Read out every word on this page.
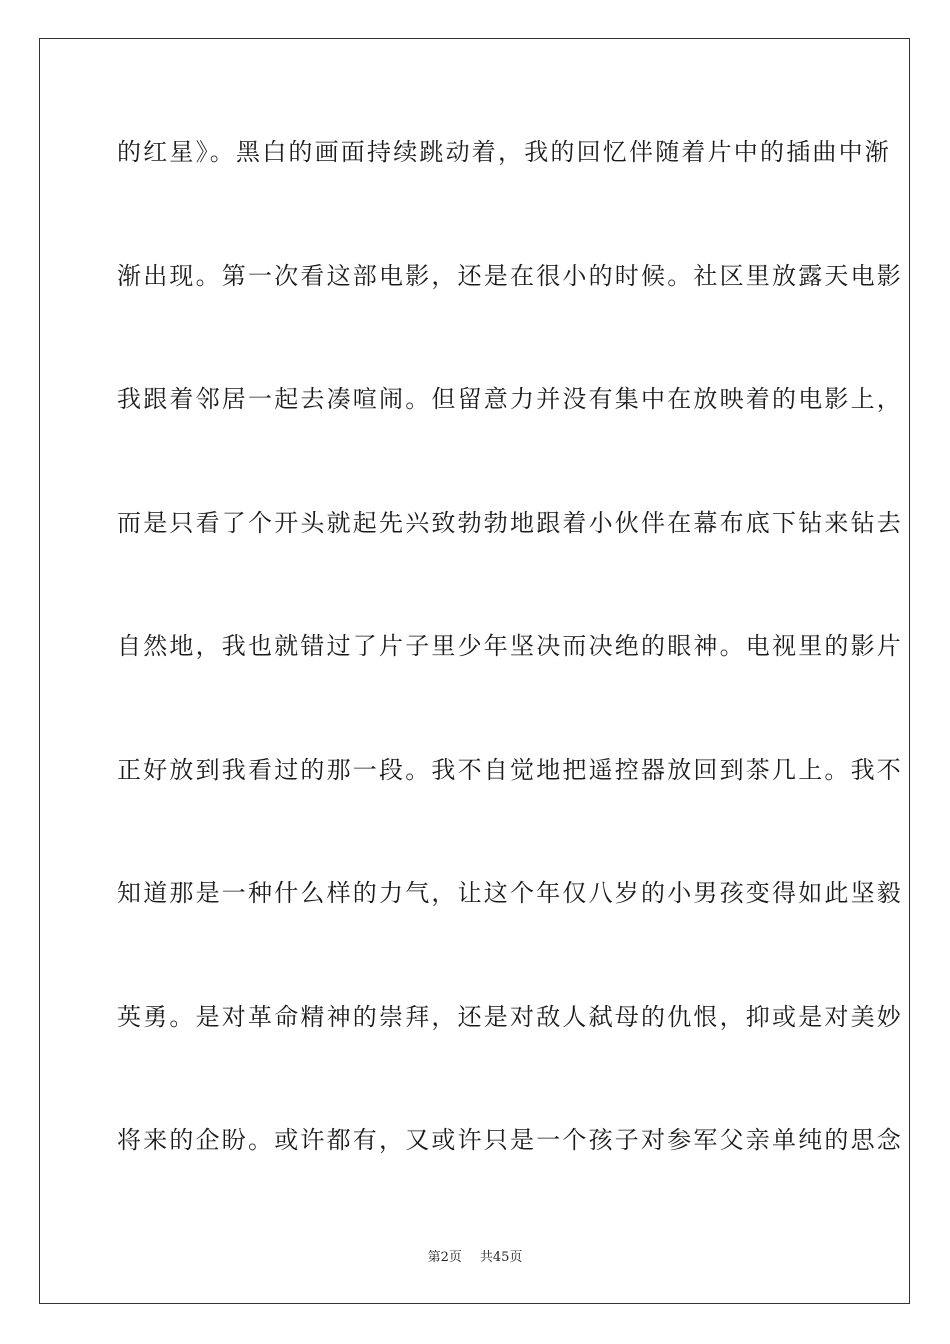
的红星》。黑白的画面持续跳动着，我的回忆伴随着片中的插曲中渐
渐出现。第一次看这部电影，还是在很小的时候。社区里放露天电影
我跟着邻居一起去凑喧闹。但留意力并没有集中在放映着的电影上，
而是只看了个开头就起先兴致勃勃地跟着小伙伴在幕布底下钻来钻去
自然地，我也就错过了片子里少年坚决而决绝的眼神。电视里的影片
正好放到我看过的那一段。我不自觉地把遥控器放回到茶几上。我不
知道那是一种什么样的力气，让这个年仅八岁的小男孩变得如此坚毅
英勇。是对革命精神的崇拜，还是对敌人弑母的仇恨，抑或是对美妙
将来的企盼。或许都有，又或许只是一个孩子对参军父亲单纯的思念
第2页 共45页
